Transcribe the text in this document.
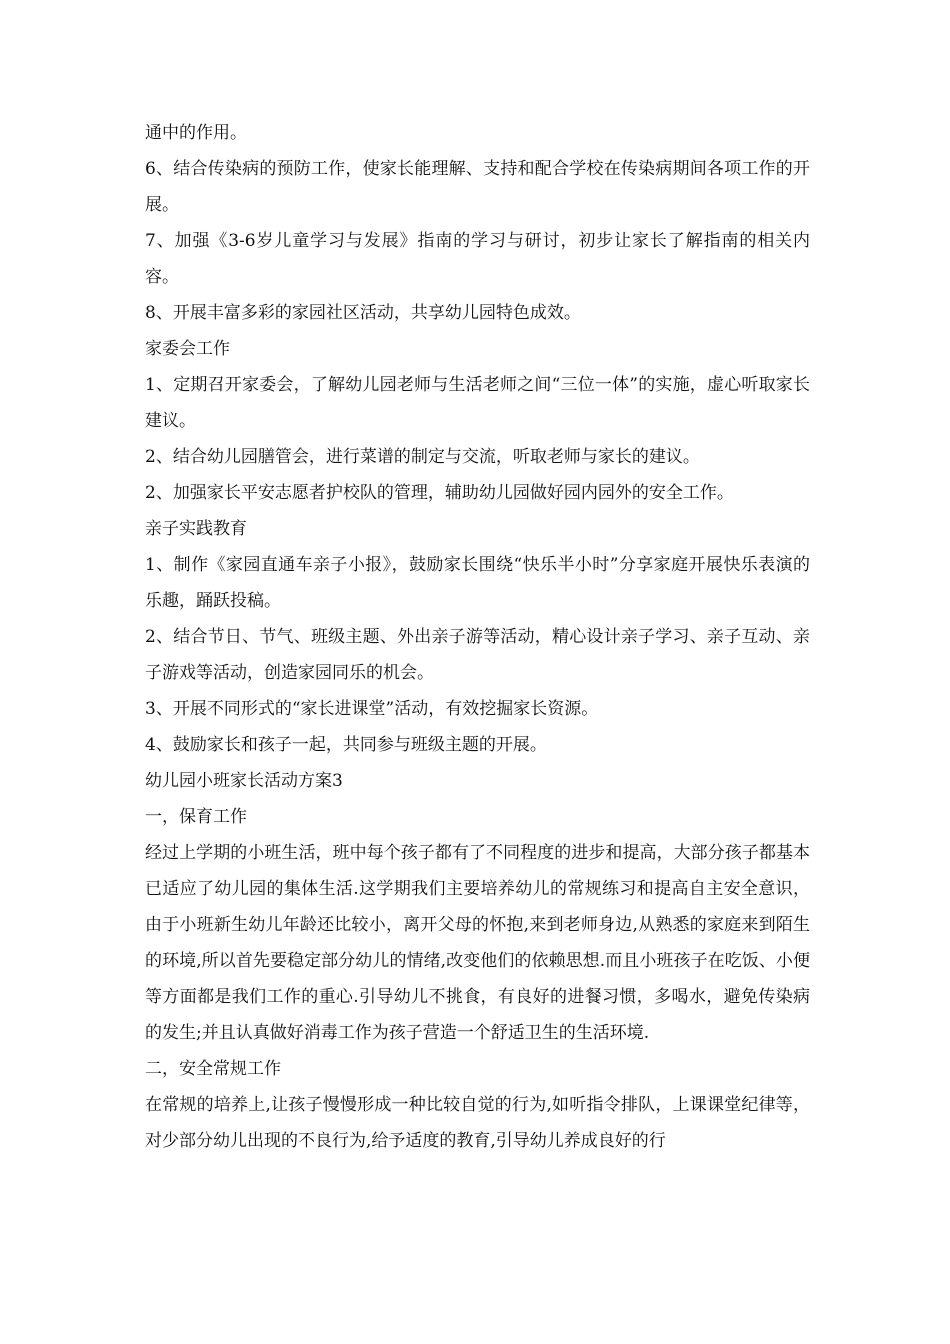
通中的作用。

6、结合传染病的预防工作，使家长能理解、支持和配合学校在传染病期间各项工作的开展。

7、加强《3-6岁儿童学习与发展》指南的学习与研讨，初步让家长了解指南的相关内容。

8、开展丰富多彩的家园社区活动，共享幼儿园特色成效。

家委会工作

1、定期召开家委会，了解幼儿园老师与生活老师之间“三位一体”的实施，虚心听取家长建议。

2、结合幼儿园膳管会，进行菜谱的制定与交流，听取老师与家长的建议。

2、加强家长平安志愿者护校队的管理，辅助幼儿园做好园内园外的安全工作。

亲子实践教育

1、制作《家园直通车亲子小报》，鼓励家长围绕“快乐半小时”分享家庭开展快乐表演的乐趣，踊跃投稿。

2、结合节日、节气、班级主题、外出亲子游等活动，精心设计亲子学习、亲子互动、亲子游戏等活动，创造家园同乐的机会。

3、开展不同形式的“家长进课堂”活动，有效挖掘家长资源。

4、鼓励家长和孩子一起，共同参与班级主题的开展。

幼儿园小班家长活动方案3

一，保育工作

经过上学期的小班生活，班中每个孩子都有了不同程度的进步和提高，大部分孩子都基本已适应了幼儿园的集体生活.这学期我们主要培养幼儿的常规练习和提高自主安全意识，由于小班新生幼儿年龄还比较小，离开父母的怀抱,来到老师身边,从熟悉的家庭来到陌生的环境,所以首先要稳定部分幼儿的情绪,改变他们的依赖思想.而且小班孩子在吃饭、小便等方面都是我们工作的重心.引导幼儿不挑食，有良好的进餐习惯，多喝水，避免传染病的发生;并且认真做好消毒工作为孩子营造一个舒适卫生的生活环境.

二，安全常规工作

在常规的培养上,让孩子慢慢形成一种比较自觉的行为,如听指令排队，上课课堂纪律等，对少部分幼儿出现的不良行为,给予适度的教育,引导幼儿养成良好的行
